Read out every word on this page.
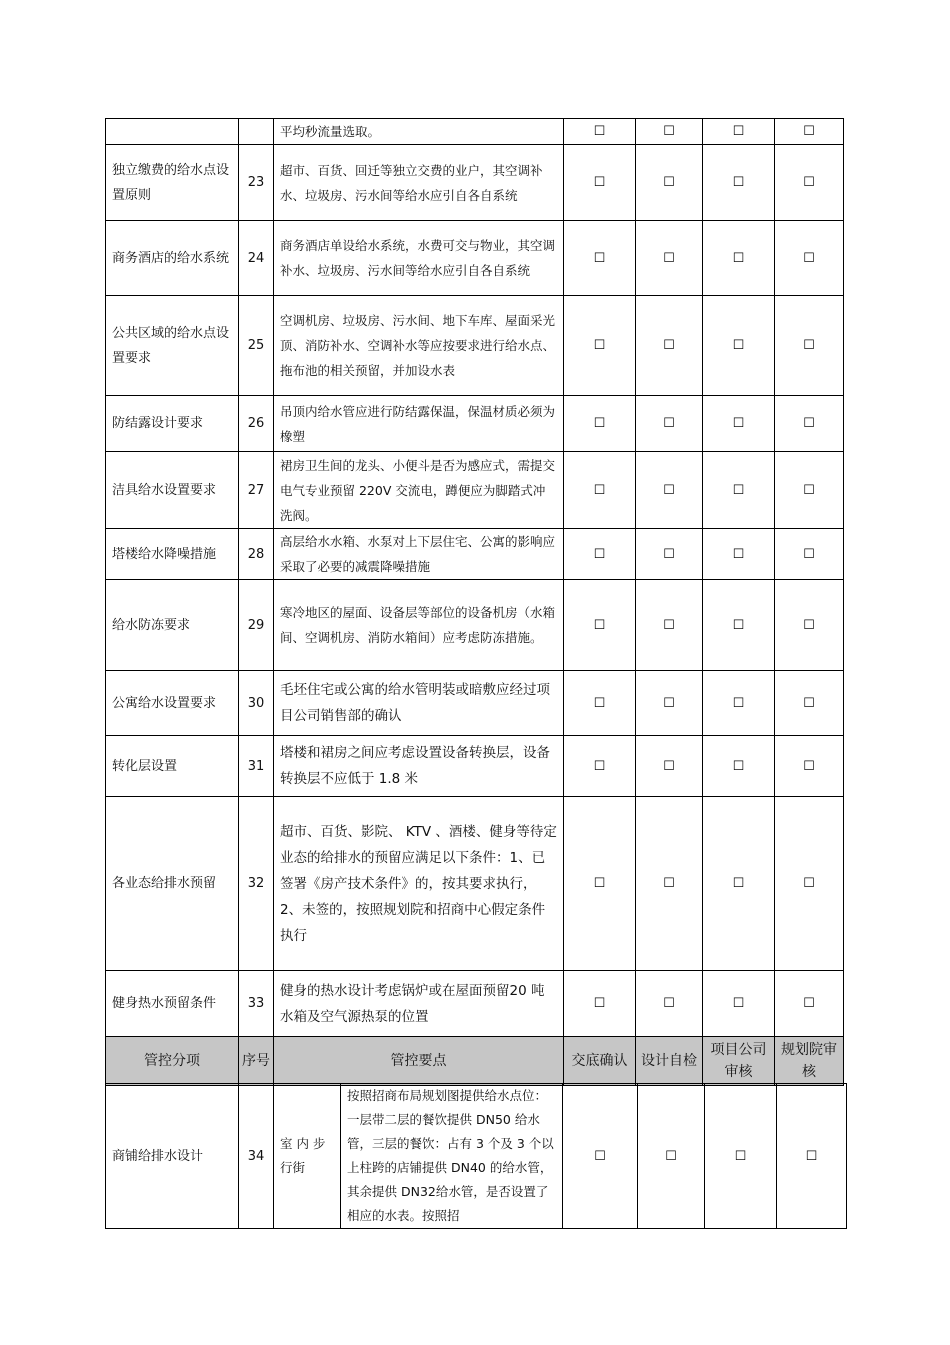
		平均秒流量选取。	☐	☐	☐	☐
独立缴费的给水点设置原则	23	超市、百货、回迁等独立交费的业户，其空调补水、垃圾房、污水间等给水应引自各自系统	☐	☐	☐	☐
商务酒店的给水系统	24	商务酒店单设给水系统，水费可交与物业，其空调补水、垃圾房、污水间等给水应引自各自系统	☐	☐	☐	☐
公共区域的给水点设置要求	25	空调机房、垃圾房、污水间、地下车库、屋面采光顶、消防补水、空调补水等应按要求进行给水点、拖布池的相关预留，并加设水表	☐	☐	☐	☐
防结露设计要求	26	吊顶内给水管应进行防结露保温，保温材质必须为橡塑	☐	☐	☐	☐
洁具给水设置要求	27	裙房卫生间的龙头、小便斗是否为感应式，需提交电气专业预留 220V 交流电，蹲便应为脚踏式冲洗阀。	☐	☐	☐	☐
塔楼给水降噪措施	28	高层给水水箱、水泵对上下层住宅、公寓的影响应采取了必要的减震降噪措施	☐	☐	☐	☐
给水防冻要求	29	寒冷地区的屋面、设备层等部位的设备机房（水箱间、空调机房、消防水箱间）应考虑防冻措施。	☐	☐	☐	☐
公寓给水设置要求	30	毛坯住宅或公寓的给水管明装或暗敷应经过项目公司销售部的确认	☐	☐	☐	☐
转化层设置	31	塔楼和裙房之间应考虑设置设备转换层，设备转换层不应低于 1.8 米	☐	☐	☐	☐
各业态给排水预留	32	超市、百货、影院、 KTV 、酒楼、健身等待定业态的给排水的预留应满足以下条件：1、已签署《房产技术条件》的，按其要求执行， 2、未签的，按照规划院和招商中心假定条件执行	☐	☐	☐	☐
健身热水预留条件	33	健身的热水设计考虑锅炉或在屋面预留20 吨水箱及空气源热泵的位置	☐	☐	☐	☐
管控分项	序号	管控要点	交底确认	设计自检	项目公司审核	规划院审核
商铺给排水设计	34	室 内 步行街	按照招商布局规划图提供给水点位：一层带二层的餐饮提供 DN50 给水管，三层的餐饮：占有 3 个及 3 个以上柱跨的店铺提供 DN40 的给水管，其余提供 DN32给水管，是否设置了相应的水表。按照招	☐	☐	☐	☐
